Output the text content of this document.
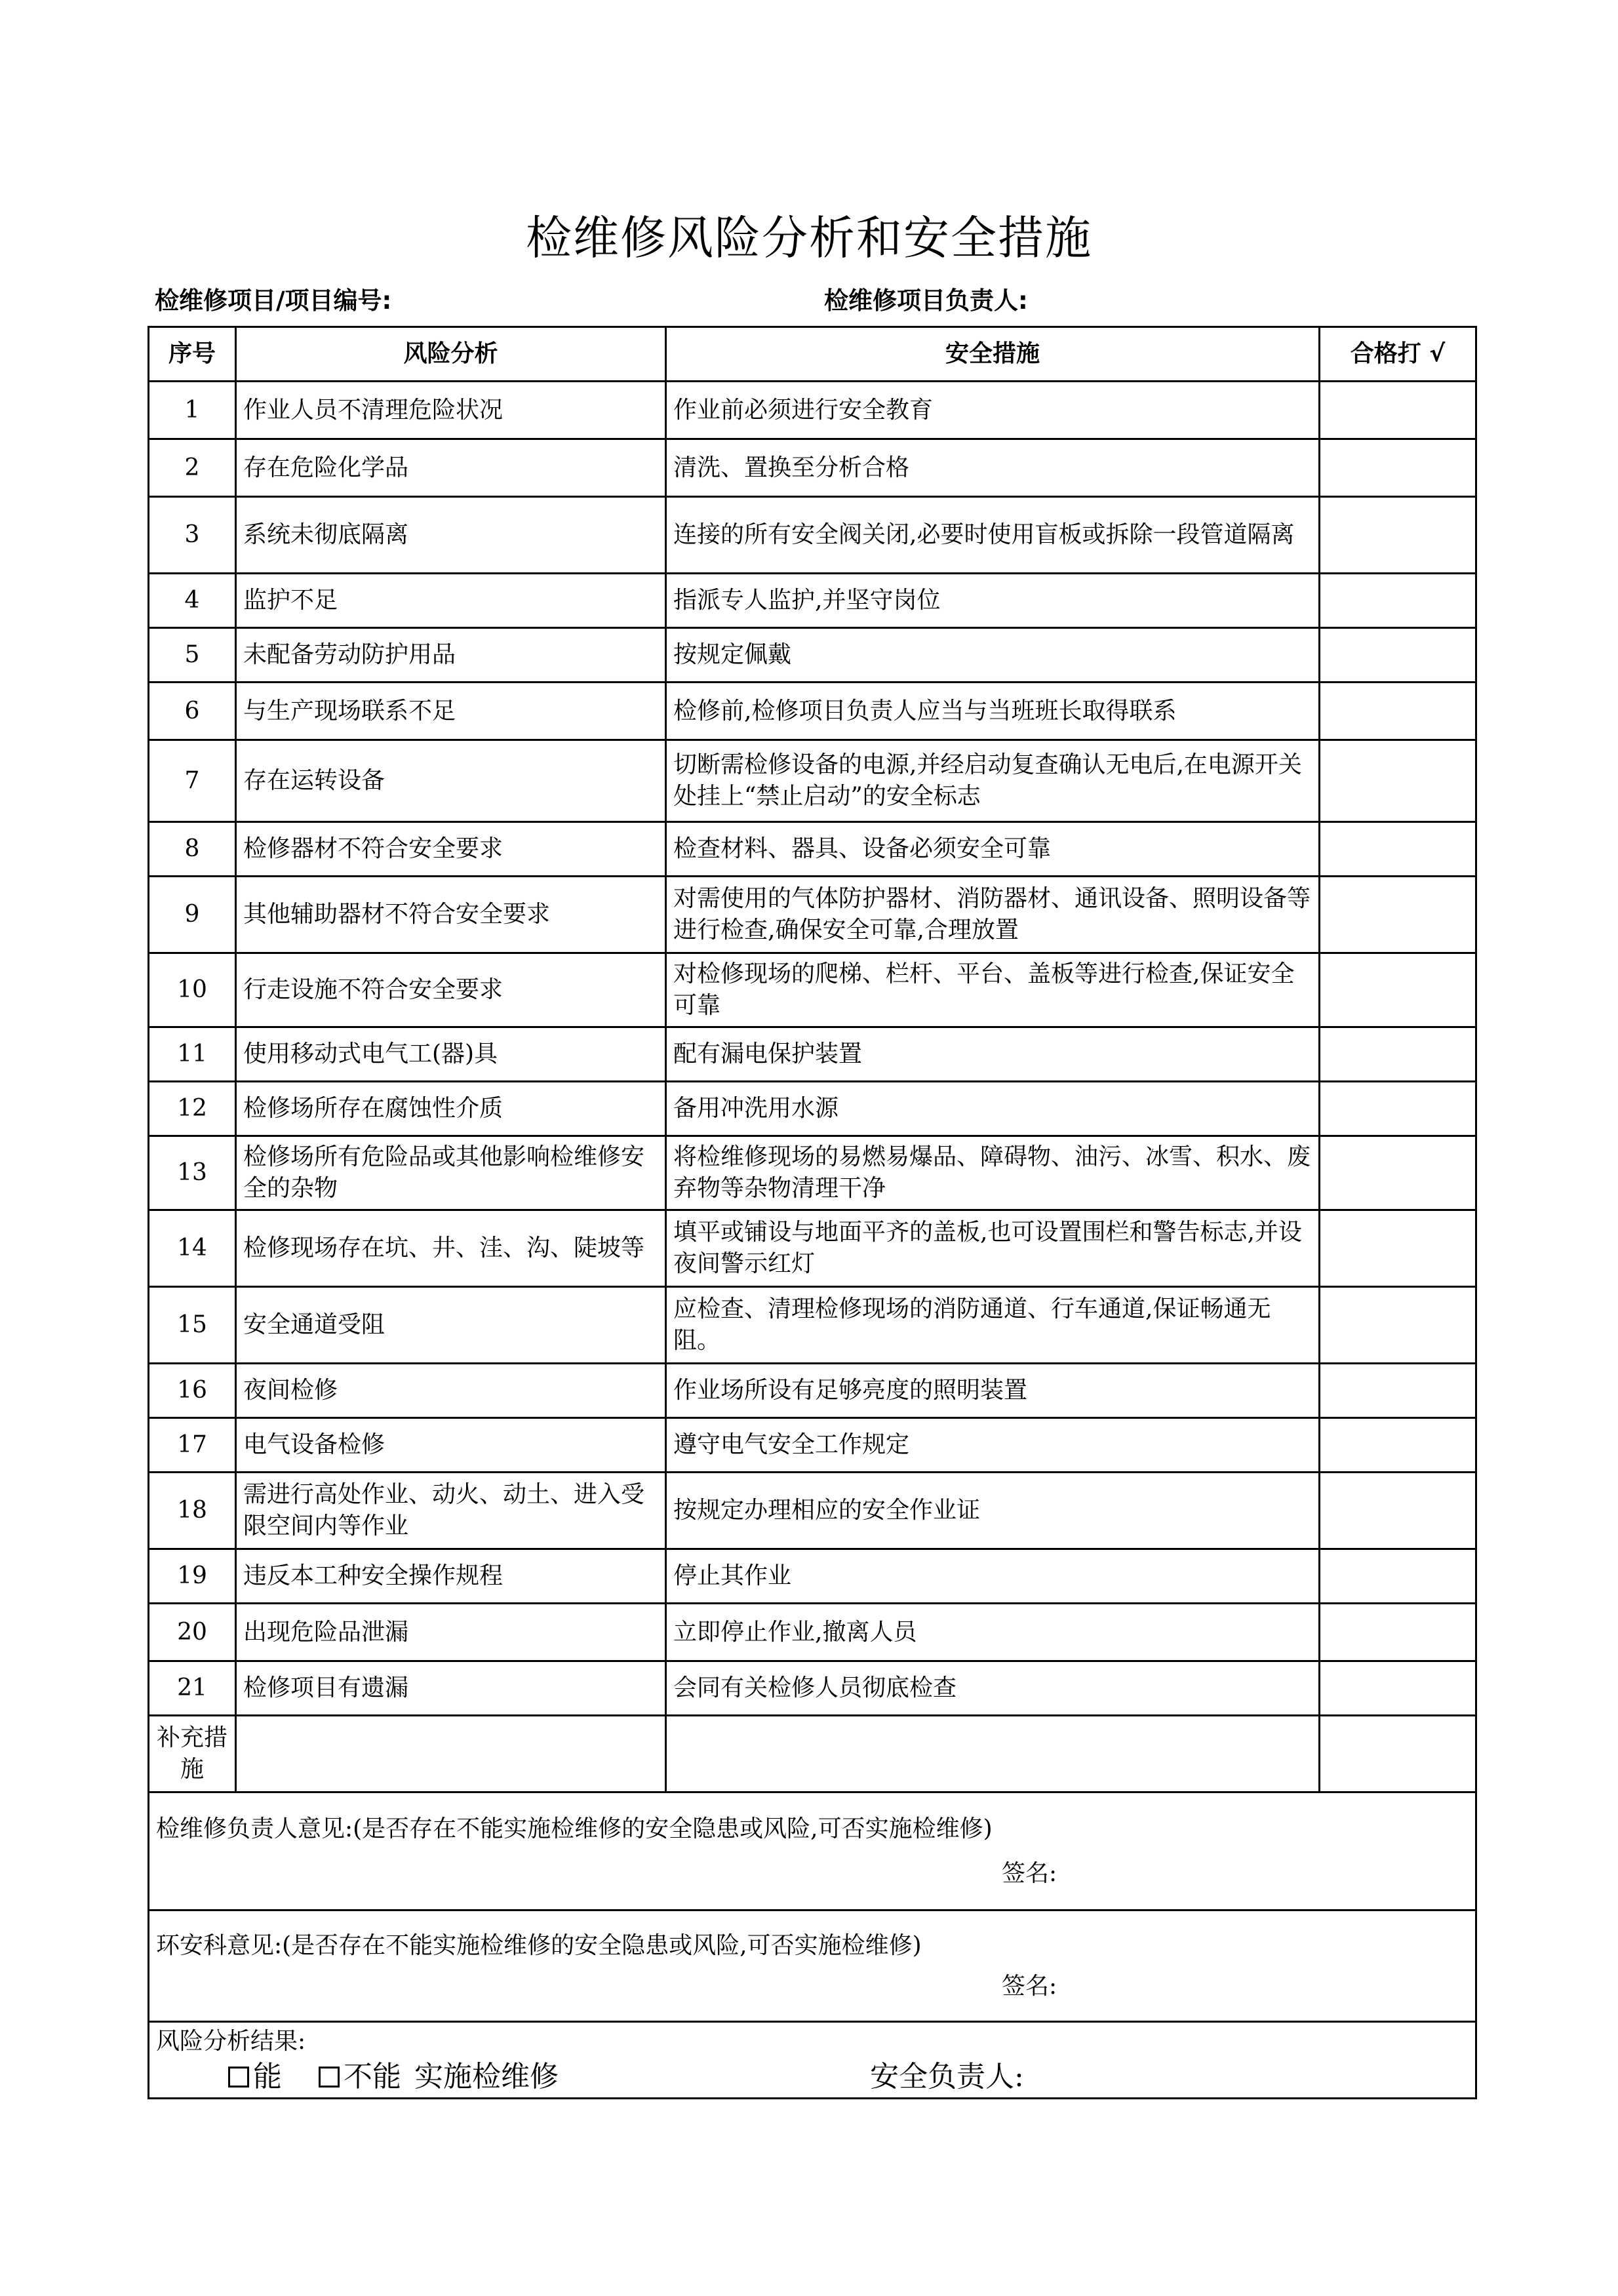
检维修风险分析和安全措施
检维修项目/项目编号:	检维修项目负责人:
序号	风险分析	安全措施	合格打 √
1	作业人员不清理危险状况	作业前必须进行安全教育	
2	存在危险化学品	清洗、置换至分析合格	
3	系统未彻底隔离	连接的所有安全阀关闭,必要时使用盲板或拆除一段管道隔离	
4	监护不足	指派专人监护,并坚守岗位	
5	未配备劳动防护用品	按规定佩戴	
6	与生产现场联系不足	检修前,检修项目负责人应当与当班班长取得联系	
7	存在运转设备	切断需检修设备的电源,并经启动复查确认无电后,在电源开关处挂上“禁止启动”的安全标志	
8	检修器材不符合安全要求	检查材料、器具、设备必须安全可靠	
9	其他辅助器材不符合安全要求	对需使用的气体防护器材、消防器材、通讯设备、照明设备等进行检查,确保安全可靠,合理放置	
10	行走设施不符合安全要求	对检修现场的爬梯、栏杆、平台、盖板等进行检查,保证安全可靠	
11	使用移动式电气工(器)具	配有漏电保护装置	
12	检修场所存在腐蚀性介质	备用冲洗用水源	
13	检修场所有危险品或其他影响检维修安全的杂物	将检维修现场的易燃易爆品、障碍物、油污、冰雪、积水、废弃物等杂物清理干净	
14	检修现场存在坑、井、洼、沟、陡坡等	填平或铺设与地面平齐的盖板,也可设置围栏和警告标志,并设夜间警示红灯	
15	安全通道受阻	应检查、清理检修现场的消防通道、行车通道,保证畅通无阻。	
16	夜间检修	作业场所设有足够亮度的照明装置	
17	电气设备检修	遵守电气安全工作规定	
18	需进行高处作业、动火、动土、进入受限空间内等作业	按规定办理相应的安全作业证	
19	违反本工种安全操作规程	停止其作业	
20	出现危险品泄漏	立即停止作业,撤离人员	
21	检修项目有遗漏	会同有关检修人员彻底检查	
补充措施			
检维修负责人意见:(是否存在不能实施检维修的安全隐患或风险,可否实施检维修)
签名:			

环安科意见:(是否存在不能实施检维修的安全隐患或风险,可否实施检维修)
签名:			

风险分析结果:
能 不能 实施检维修 安全负责人:			
